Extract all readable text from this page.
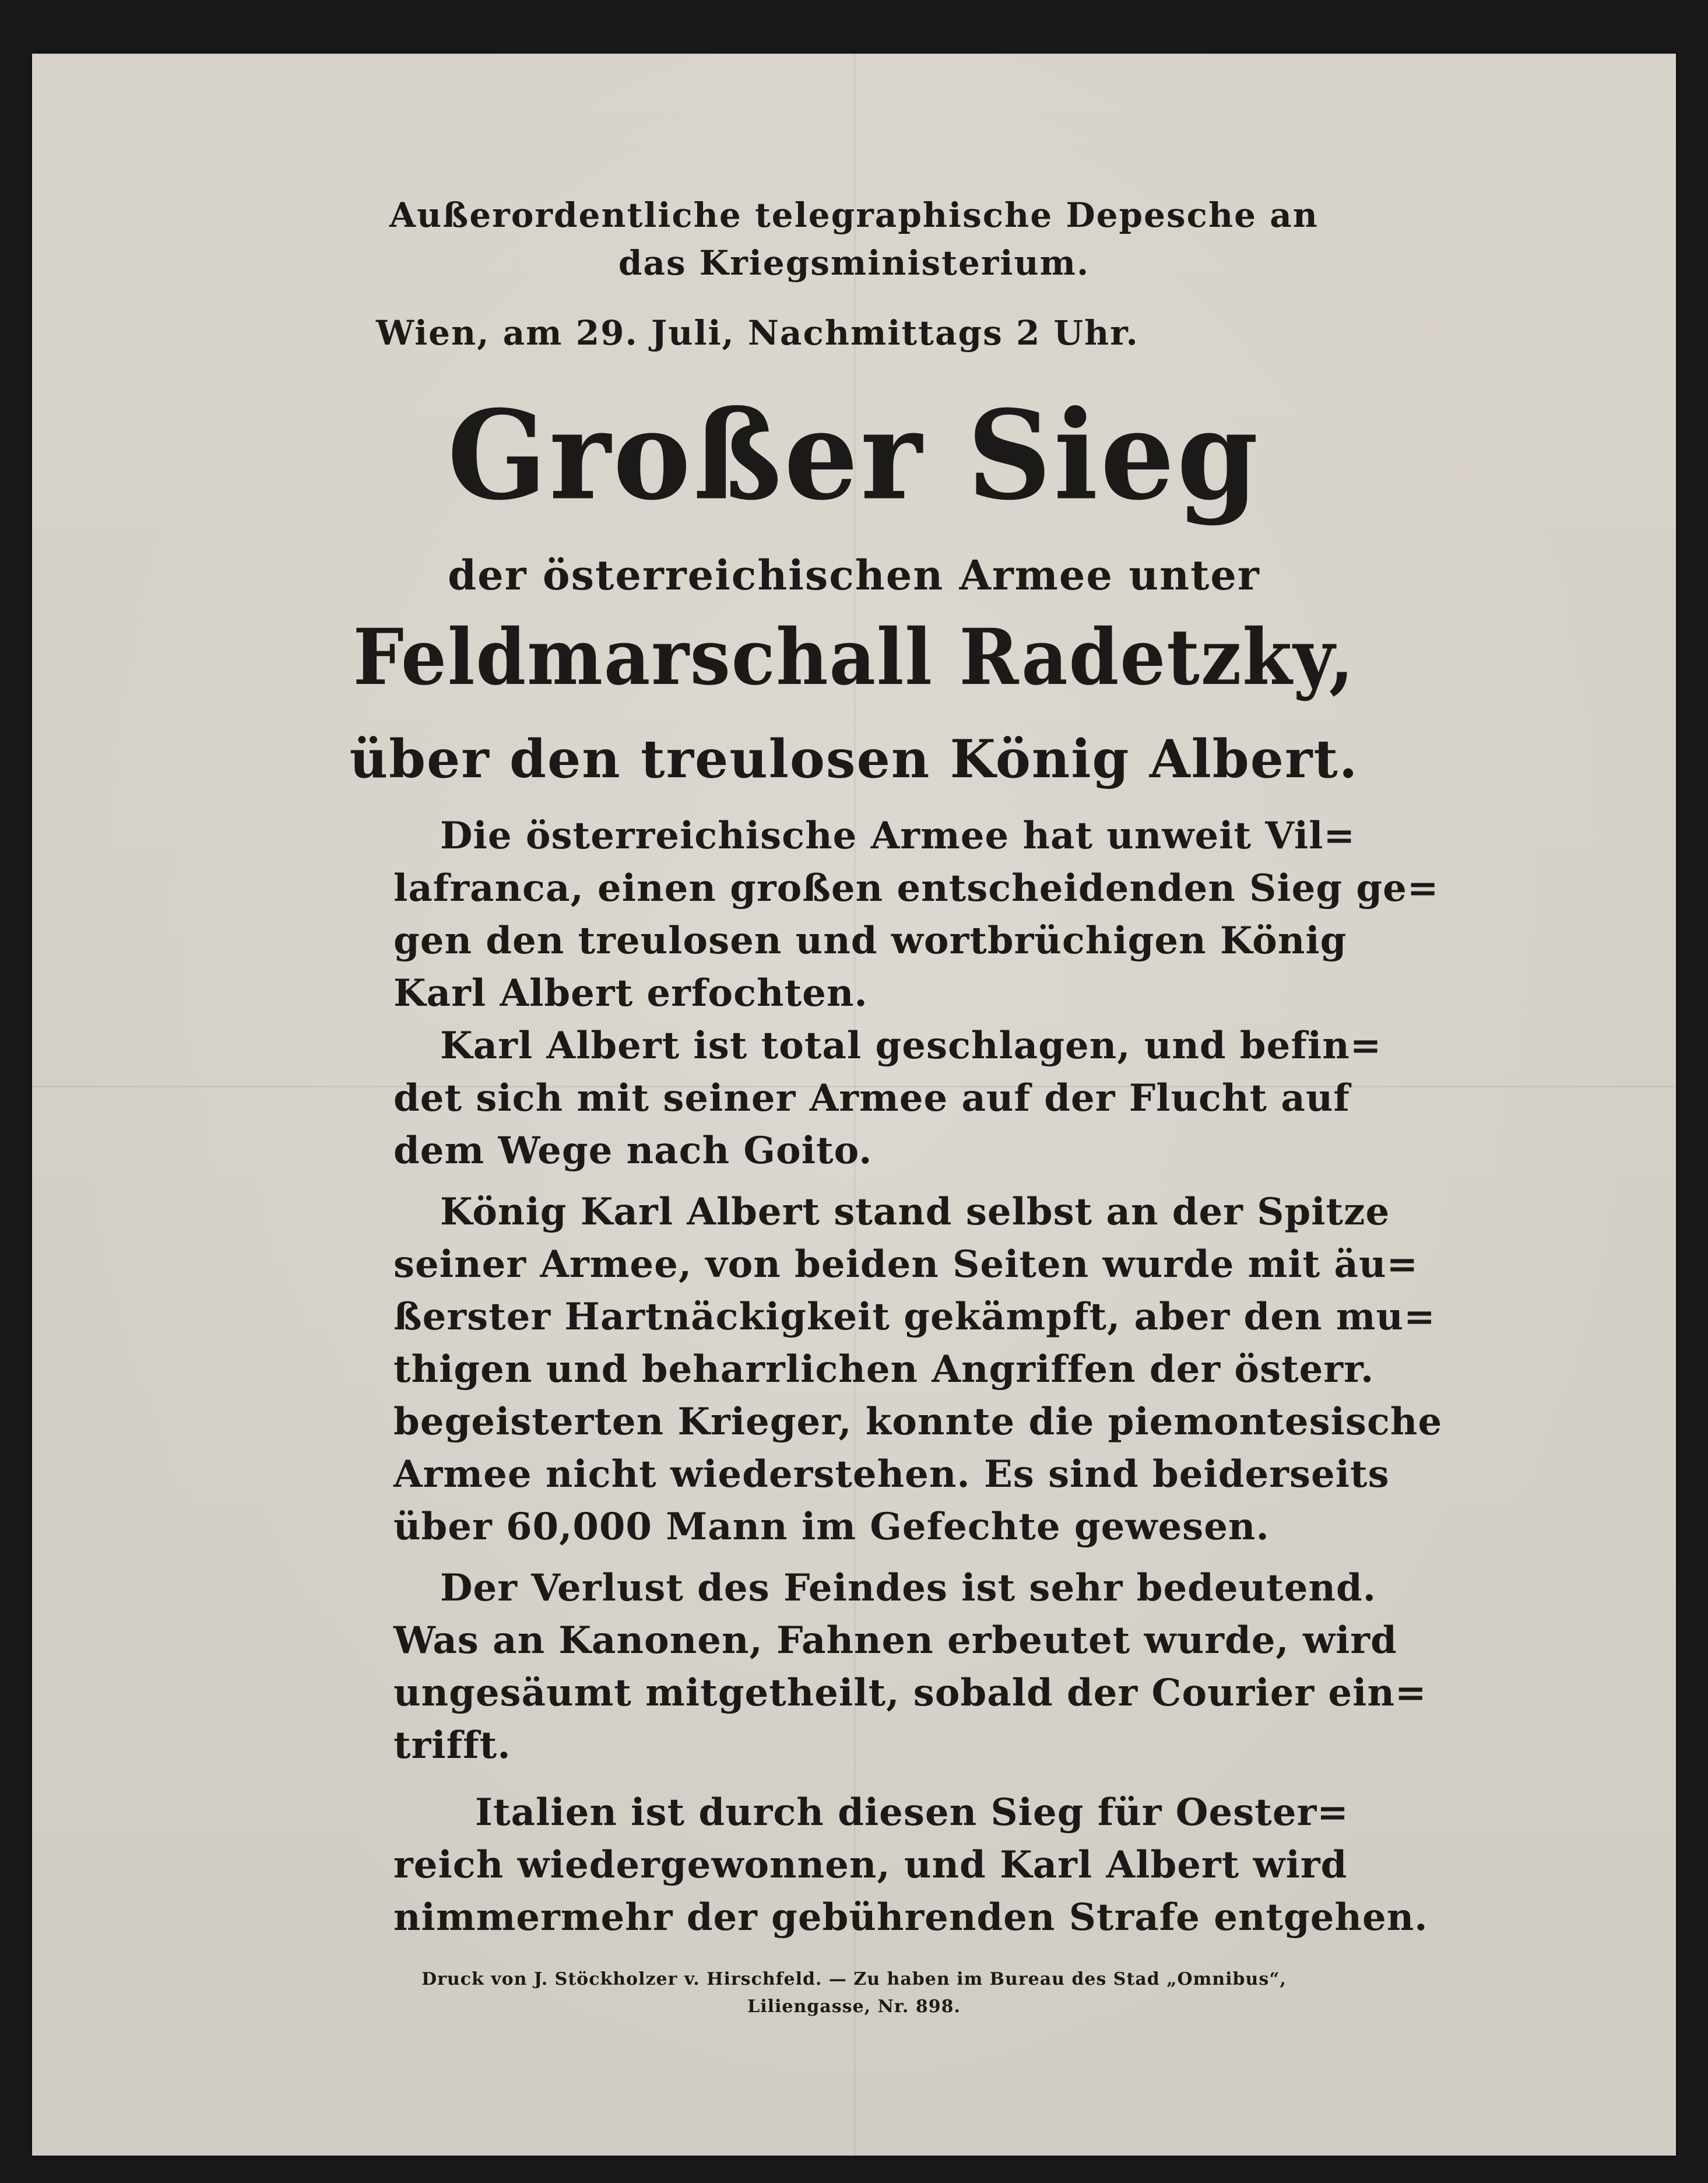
Außerordentliche telegraphische Depesche an
das Kriegsministerium.
Wien, am 29. Juli, Nachmittags 2 Uhr.
Großer Sieg
der österreichischen Armee unter
Feldmarschall Radetzky,
über den treulosen König Albert.
Die österreichische Armee hat unweit Vil=
lafranca, einen großen entscheidenden Sieg ge=
gen den treulosen und wortbrüchigen König
Karl Albert erfochten.
Karl Albert ist total geschlagen, und befin=
det sich mit seiner Armee auf der Flucht auf
dem Wege nach Goito.
König Karl Albert stand selbst an der Spitze
seiner Armee, von beiden Seiten wurde mit äu=
ßerster Hartnäckigkeit gekämpft, aber den mu=
thigen und beharrlichen Angriffen der österr.
begeisterten Krieger, konnte die piemontesische
Armee nicht wiederstehen. Es sind beiderseits
über 60,000 Mann im Gefechte gewesen.
Der Verlust des Feindes ist sehr bedeutend.
Was an Kanonen, Fahnen erbeutet wurde, wird
ungesäumt mitgetheilt, sobald der Courier ein=
trifft.
Italien ist durch diesen Sieg für Oester=
reich wiedergewonnen, und Karl Albert wird
nimmermehr der gebührenden Strafe entgehen.
Druck von J. Stöckholzer v. Hirschfeld. — Zu haben im Bureau des Stad „Omnibus“,
Liliengasse, Nr. 898.
